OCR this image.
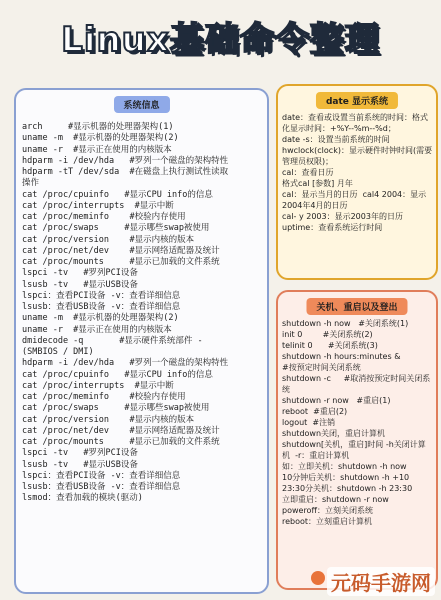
Linux基础命令整理
系统信息
arch     #显示机器的处理器架构(1)
uname -m  #显示机器的处理器架构(2)
uname -r  #显示正在使用的内核版本
hdparm -i /dev/hda   #罗列一个磁盘的架构特性
hdparm -tT /dev/sda  #在磁盘上执行测试性读取
操作
cat /proc/cpuinfo   #显示CPU info的信息
cat /proc/interrupts  #显示中断
cat /proc/meminfo    #校验内存使用
cat /proc/swaps     #显示哪些swap被使用
cat /proc/version    #显示内核的版本
cat /proc/net/dev    #显示网络适配器及统计
cat /proc/mounts     #显示已加载的文件系统
lspci -tv   #罗列PCI设备
lsusb -tv   #显示USB设备
lspci：查看PCI设备 -v：查看详细信息
lsusb：查看USB设备 -v：查看详细信息
uname -m  #显示机器的处理器架构(2)
uname -r  #显示正在使用的内核版本
dmidecode -q       #显示硬件系统部件 -
(SMBIOS / DMI)
hdparm -i /dev/hda   #罗列一个磁盘的架构特性
cat /proc/cpuinfo   #显示CPU info的信息
cat /proc/interrupts  #显示中断
cat /proc/meminfo    #校验内存使用
cat /proc/swaps     #显示哪些swap被使用
cat /proc/version    #显示内核的版本
cat /proc/net/dev    #显示网络适配器及统计
cat /proc/mounts     #显示已加载的文件系统
lspci -tv   #罗列PCI设备
lsusb -tv   #显示USB设备
lspci：查看PCI设备 -v：查看详细信息
lsusb：查看USB设备 -v：查看详细信息
lsmod：查看加载的模块(驱动)
date 显示系统
date：查看或设置当前系统的时间：格式化显示时间：+%Y--%m--%d；
date -s：设置当前系统的时间
hwclock(clock)：显示硬件时钟时间(需要管理员权限)；
cal：查看日历
格式cal [参数] 月年
cal：显示当月的日历  cal4 2004：显示2004年4月的日历
cal- y 2003：显示2003年的日历
uptime：查看系统运行时间
关机、重启以及登出
shutdown -h now   #关闭系统(1)
init 0        #关闭系统(2)
telinit 0      #关闭系统(3)
shutdown -h hours:minutes &
#按预定时间关闭系统
shutdown -c     #取消按预定时间关闭系统
shutdown -r now   #重启(1)
reboot  #重启(2)
logout  #注销
shutdown关闭，重启计算机
shutdown[关机，重启]时间 -h关闭计算机  -r：重启计算机
如：立即关机：shutdown -h now
10分钟后关机：shutdown -h +10
23:30分关机：shutdown -h 23:30
立即重启：shutdown -r now
poweroff：立刻关闭系统
reboot：立刻重启计算机
元码手游网
